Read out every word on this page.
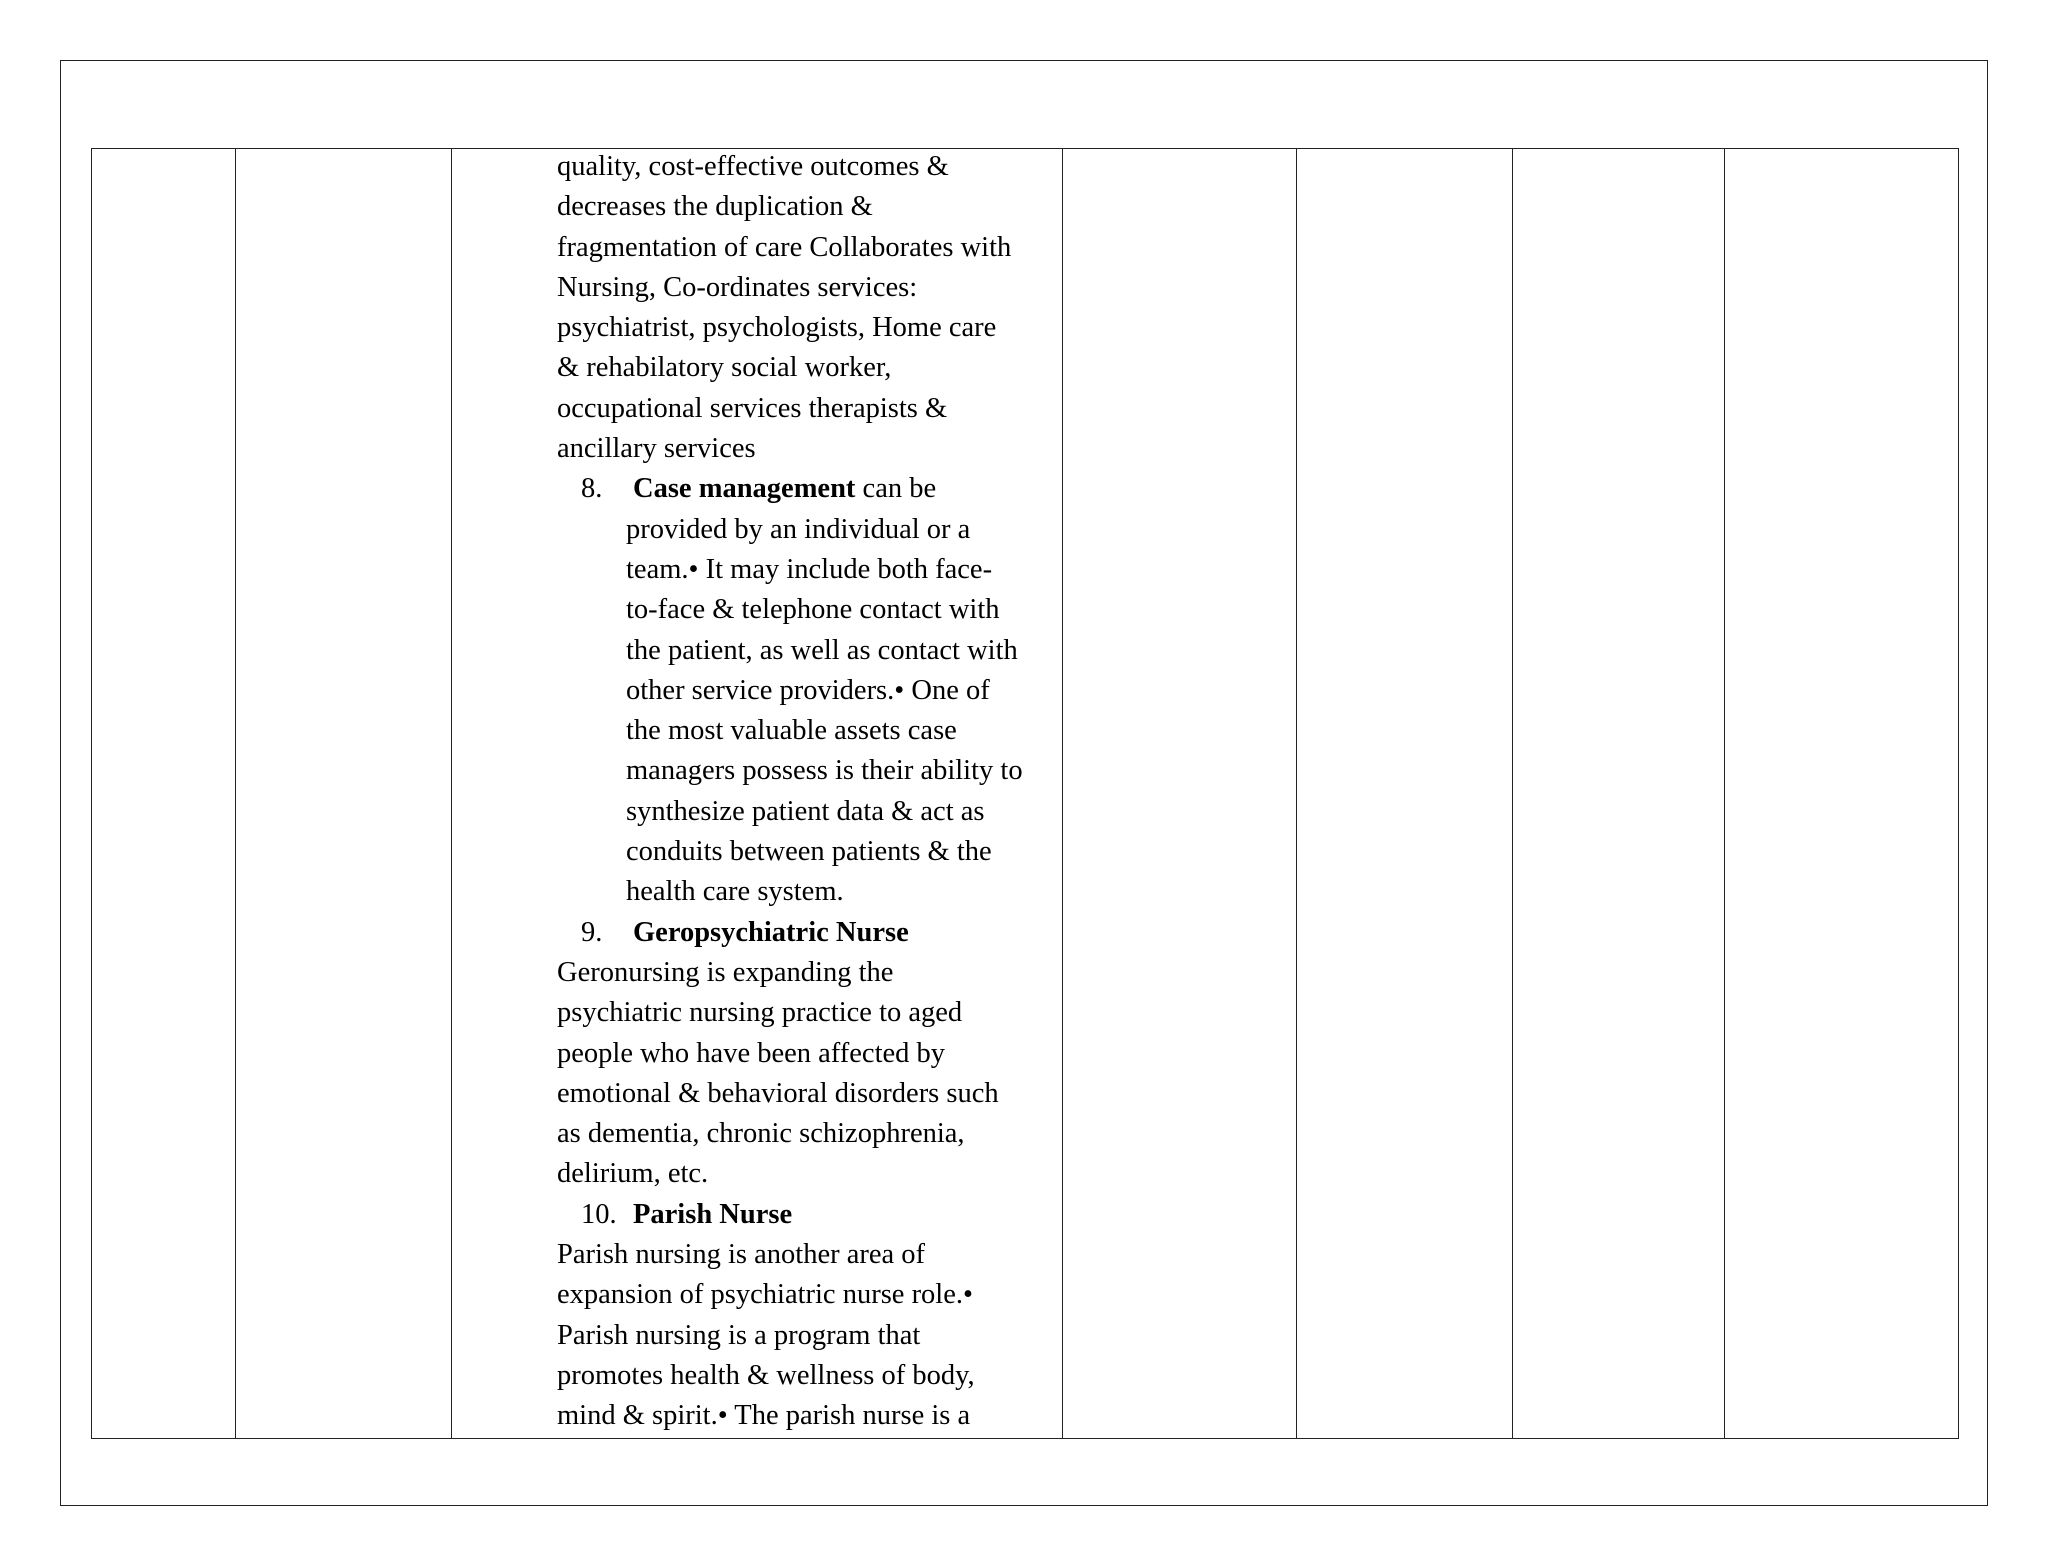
quality, cost-effective outcomes &
decreases the duplication &
fragmentation of care Collaborates with
Nursing, Co-ordinates services:
psychiatrist, psychologists, Home care
& rehabilatory social worker,
occupational services therapists &
ancillary services
8. Case management can be
provided by an individual or a
team.• It may include both face-
to-face & telephone contact with
the patient, as well as contact with
other service providers.• One of
the most valuable assets case
managers possess is their ability to
synthesize patient data & act as
conduits between patients & the
health care system.
9. Geropsychiatric Nurse
Geronursing is expanding the
psychiatric nursing practice to aged
people who have been affected by
emotional & behavioral disorders such
as dementia, chronic schizophrenia,
delirium, etc.
10. Parish Nurse
Parish nursing is another area of
expansion of psychiatric nurse role.•
Parish nursing is a program that
promotes health & wellness of body,
mind & spirit.• The parish nurse is a
